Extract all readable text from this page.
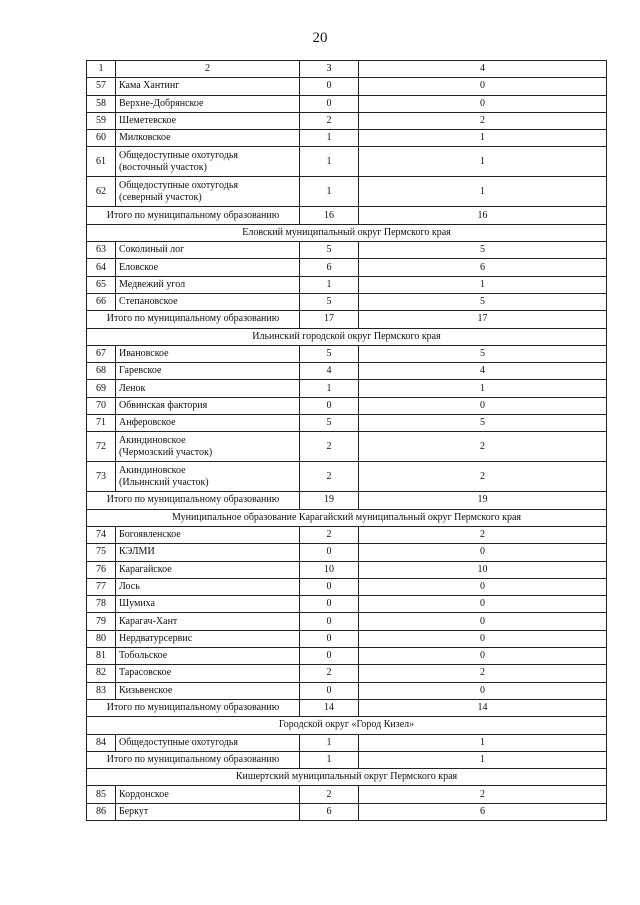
20
1	2	3	4
57	Кама Хантинг	0	0
58	Верхне-Добрянское	0	0
59	Шеметевское	2	2
60	Милковское	1	1
61	Общедоступные охотугодья
(восточный участок)	1	1
62	Общедоступные охотугодья
(северный участок)	1	1
Итого по муниципальному образованию		16	16
Еловский муниципальный округ Пермского края			
63	Соколиный лог	5	5
64	Еловское	6	6
65	Медвежий угол	1	1
66	Степановское	5	5
Итого по муниципальному образованию		17	17
Ильинский городской округ Пермского края			
67	Ивановское	5	5
68	Гаревское	4	4
69	Ленок	1	1
70	Обвинская фактория	0	0
71	Анферовское	5	5
72	Акиндиновское
(Чермозский участок)	2	2
73	Акиндиновское
(Ильинский участок)	2	2
Итого по муниципальному образованию		19	19
Муниципальное образование Карагайский муниципальный округ Пермского края			
74	Богоявленское	2	2
75	КЭЛМИ	0	0
76	Карагайское	10	10
77	Лось	0	0
78	Шумиха	0	0
79	Карагач-Хант	0	0
80	Нердватурсервис	0	0
81	Тобольское	0	0
82	Тарасовское	2	2
83	Кизьвенское	0	0
Итого по муниципальному образованию		14	14
Городской округ «Город Кизел»			
84	Общедоступные охотугодья	1	1
Итого по муниципальному образованию		1	1
Кишертский муниципальный округ Пермского края			
85	Кордонское	2	2
86	Беркут	6	6
